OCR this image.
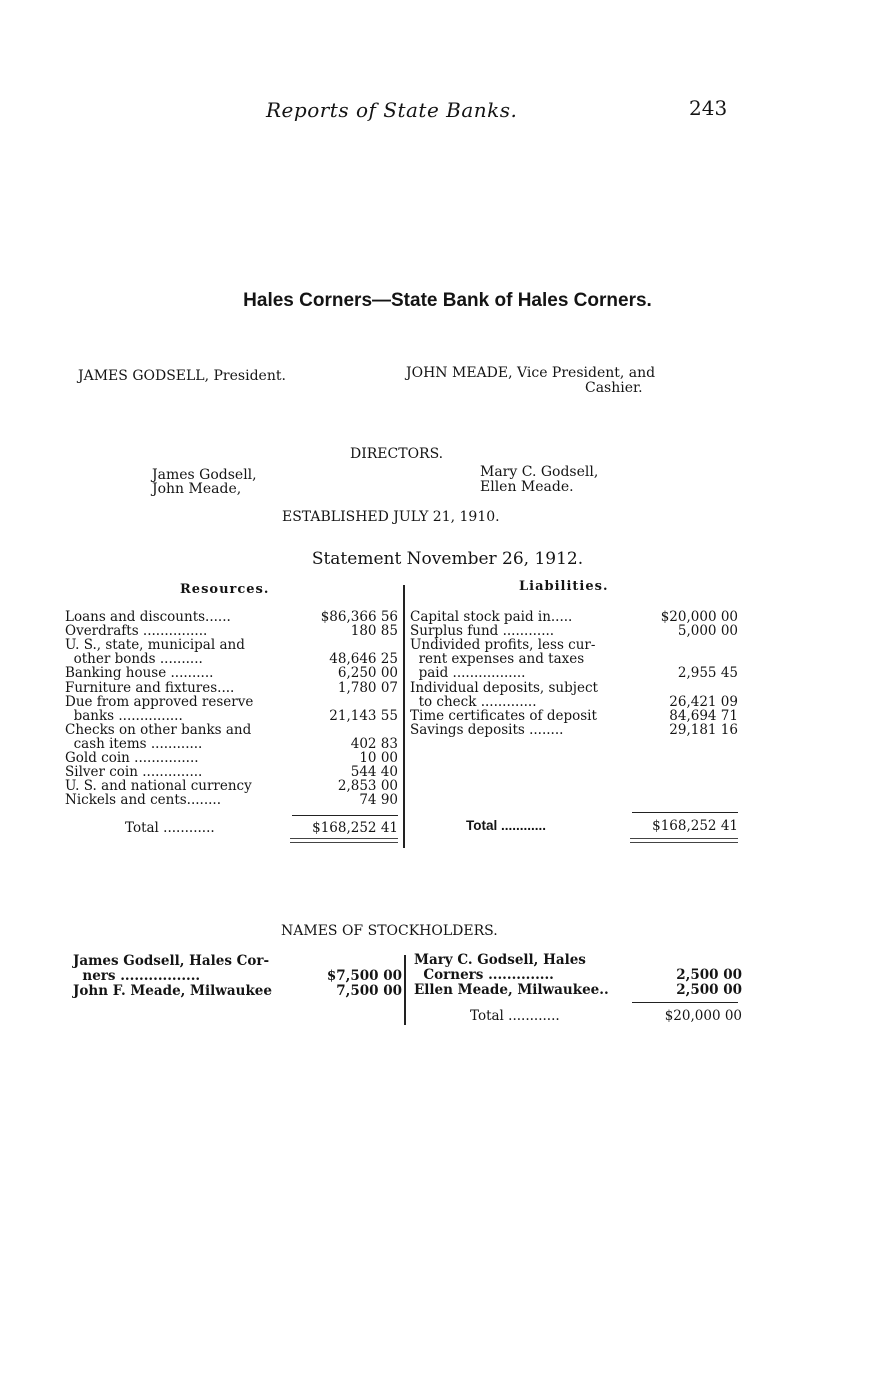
Reports of State Banks.	243
Hales Corners—State Bank of Hales Corners.
JAMES GODSELL, President.	JOHN MEADE, Vice President, and
Cashier.
DIRECTORS.
James Godsell,
John Meade,
Mary C. Godsell,
Ellen Meade.
ESTABLISHED JULY 21, 1910.
Statement November 26, 1912.
Resources.	Liabilities.
Loans and discounts......	$86,366 56
Overdrafts ...............	180 85
U. S., state, municipal and
other bonds ..........	48,646 25
Banking house ..........	6,250 00
Furniture and fixtures....	1,780 07
Due from approved reserve
banks ...............	21,143 55
Checks on other banks and
cash items ............	402 83
Gold coin ...............	10 00
Silver coin ..............	544 40
U. S. and national currency	2,853 00
Nickels and cents........	74 90
Capital stock paid in.....	$20,000 00
Surplus fund ............	5,000 00
Undivided profits, less cur-
rent expenses and taxes
paid .................	2,955 45
Individual deposits, subject
to check .............	26,421 09
Time certificates of deposit	84,694 71
Savings deposits ........	29,181 16
Total ............	$168,252 41	Total ............	$168,252 41
NAMES OF STOCKHOLDERS.
James Godsell, Hales Cor-
ners .................	$7,500 00
John F. Meade, Milwaukee	7,500 00
Mary C. Godsell, Hales
Corners ..............	2,500 00
Ellen Meade, Milwaukee..	2,500 00
Total ............	$20,000 00
